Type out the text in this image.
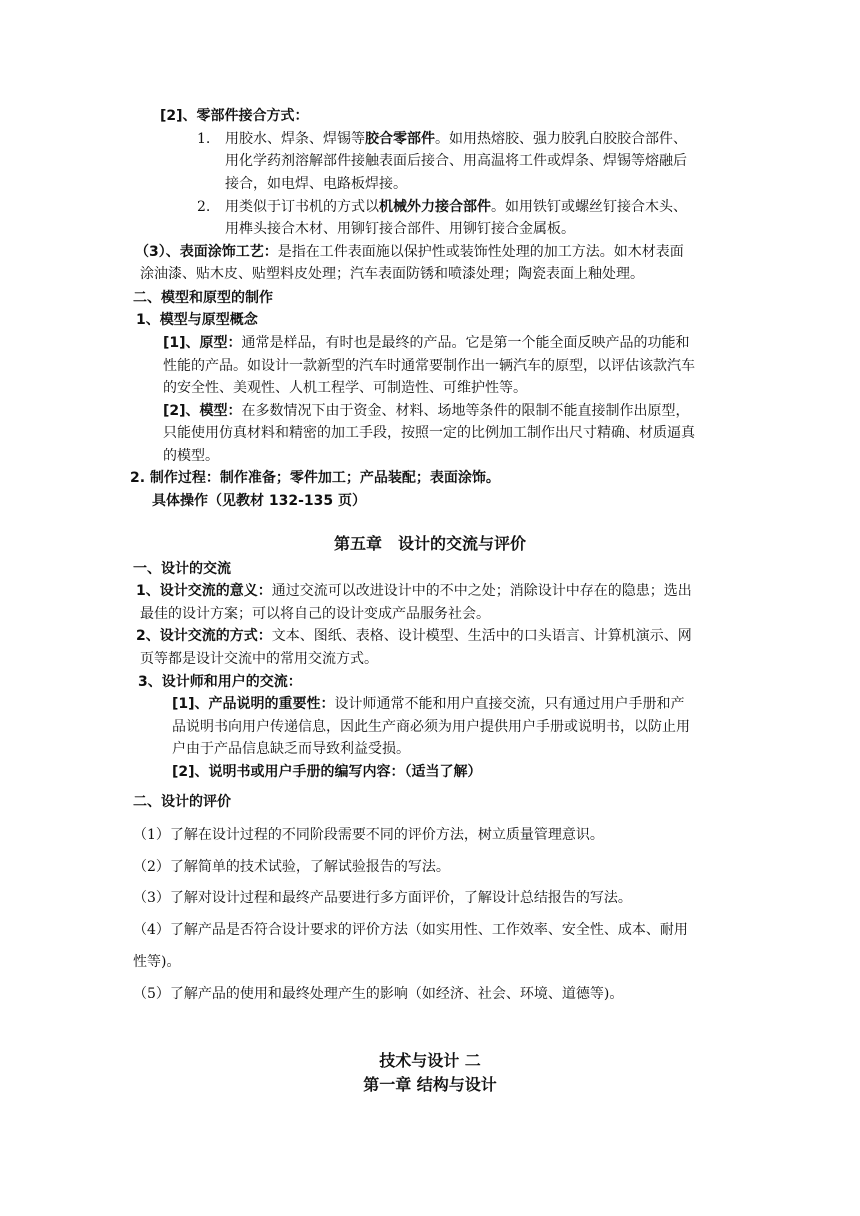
[2]、零部件接合方式：
1. 用胶水、焊条、焊锡等胶合零部件。如用热熔胶、强力胶乳白胶胶合部件、
用化学药剂溶解部件接触表面后接合、用高温将工件或焊条、焊锡等熔融后
接合，如电焊、电路板焊接。
2. 用类似于订书机的方式以机械外力接合部件。如用铁钉或螺丝钉接合木头、
用榫头接合木材、用铆钉接合部件、用铆钉接合金属板。
（3）、表面涂饰工艺：是指在工件表面施以保护性或装饰性处理的加工方法。如木材表面
涂油漆、贴木皮、贴塑料皮处理；汽车表面防锈和喷漆处理；陶瓷表面上釉处理。
二、模型和原型的制作
1、模型与原型概念
[1]、原型：通常是样品，有时也是最终的产品。它是第一个能全面反映产品的功能和
性能的产品。如设计一款新型的汽车时通常要制作出一辆汽车的原型，以评估该款汽车
的安全性、美观性、人机工程学、可制造性、可维护性等。
[2]、模型：在多数情况下由于资金、材料、场地等条件的限制不能直接制作出原型，
只能使用仿真材料和精密的加工手段，按照一定的比例加工制作出尺寸精确、材质逼真
的模型。
2. 制作过程：制作准备；零件加工；产品装配；表面涂饰。
具体操作（见教材 132-135 页）
第五章　设计的交流与评价
一、设计的交流
1、设计交流的意义：通过交流可以改进设计中的不中之处；消除设计中存在的隐患；选出
最佳的设计方案；可以将自己的设计变成产品服务社会。
2、设计交流的方式：文本、图纸、表格、设计模型、生活中的口头语言、计算机演示、网
页等都是设计交流中的常用交流方式。
3、设计师和用户的交流：
[1]、产品说明的重要性：设计师通常不能和用户直接交流，只有通过用户手册和产
品说明书向用户传递信息，因此生产商必须为用户提供用户手册或说明书，以防止用
户由于产品信息缺乏而导致利益受损。
[2]、说明书或用户手册的编写内容：（适当了解）
二、设计的评价
（1）了解在设计过程的不同阶段需要不同的评价方法，树立质量管理意识。
（2）了解简单的技术试验，了解试验报告的写法。
（3）了解对设计过程和最终产品要进行多方面评价，了解设计总结报告的写法。
（4）了解产品是否符合设计要求的评价方法（如实用性、工作效率、安全性、成本、耐用
性等)。
（5）了解产品的使用和最终处理产生的影响（如经济、社会、环境、道德等)。
技术与设计 二
第一章 结构与设计
